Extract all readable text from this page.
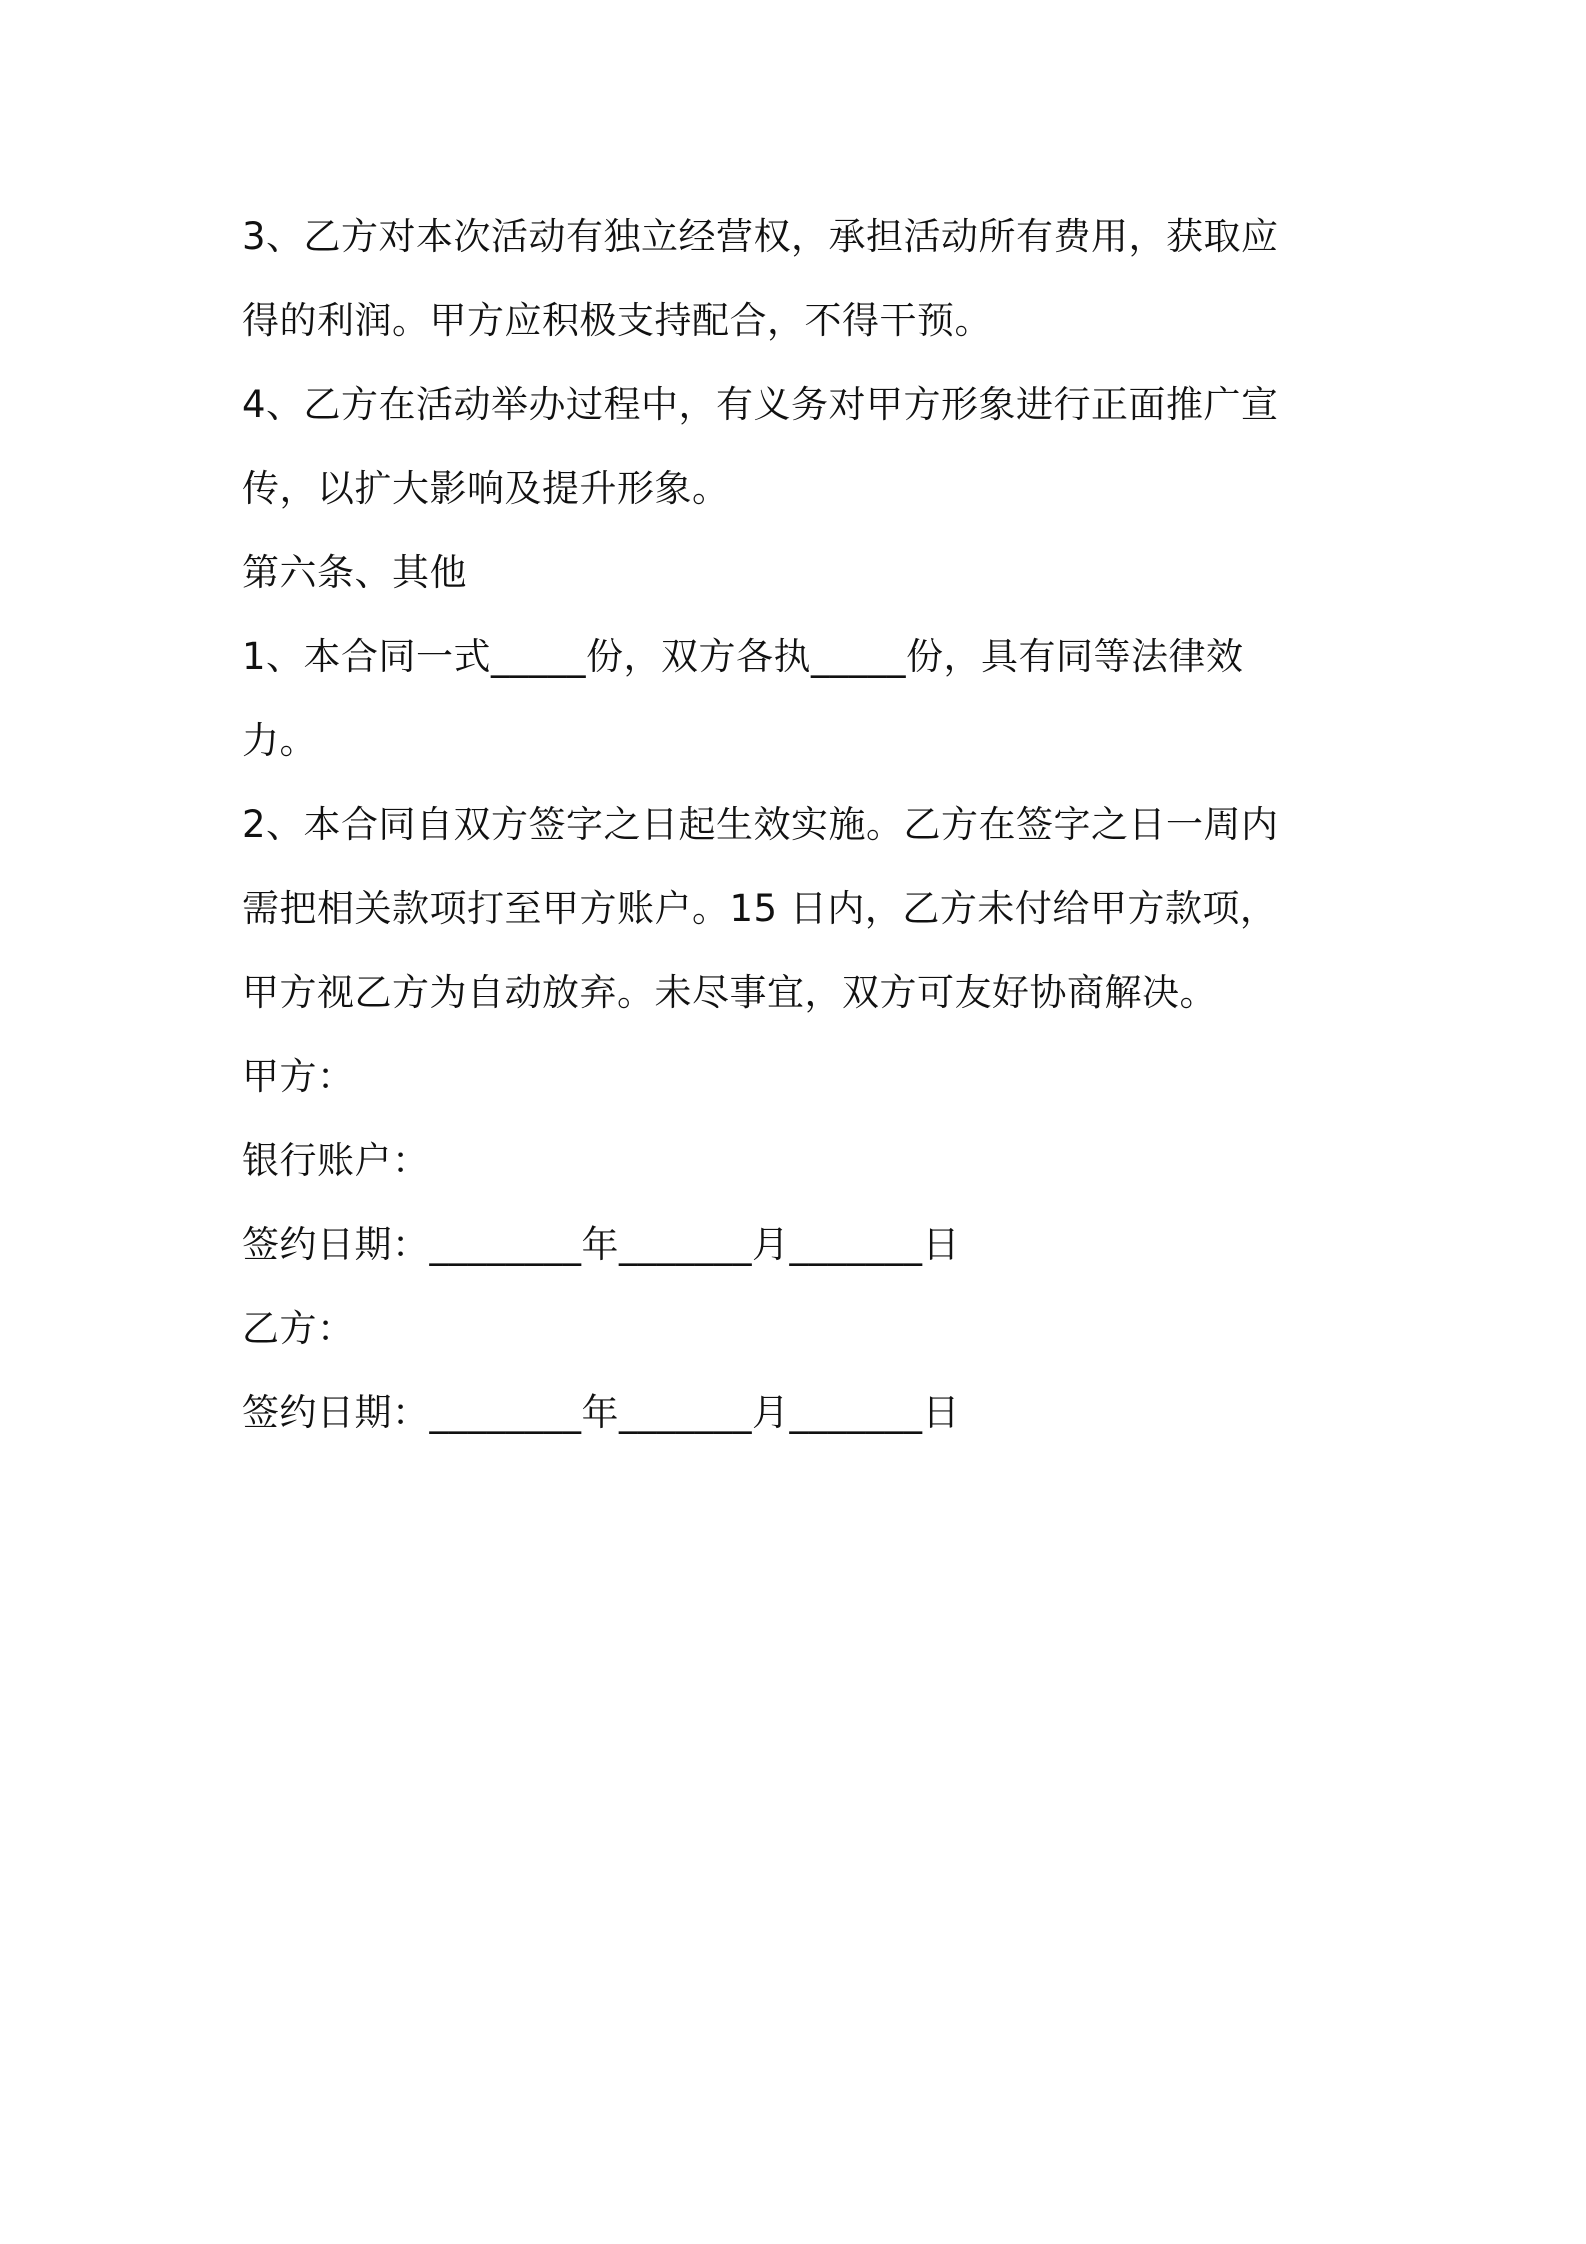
3、乙方对本次活动有独立经营权，承担活动所有费用，获取应
得的利润。甲方应积极支持配合，不得干预。
4、乙方在活动举办过程中，有义务对甲方形象进行正面推广宣
传，以扩大影响及提升形象。
第六条、其他
1、本合同一式_____份，双方各执_____份，具有同等法律效
力。
2、本合同自双方签字之日起生效实施。乙方在签字之日一周内
需把相关款项打至甲方账户。15 日内，乙方未付给甲方款项，
甲方视乙方为自动放弃。未尽事宜，双方可友好协商解决。
甲方：
银行账户：
签约日期：________年_______月_______日
乙方：
签约日期：________年_______月_______日
